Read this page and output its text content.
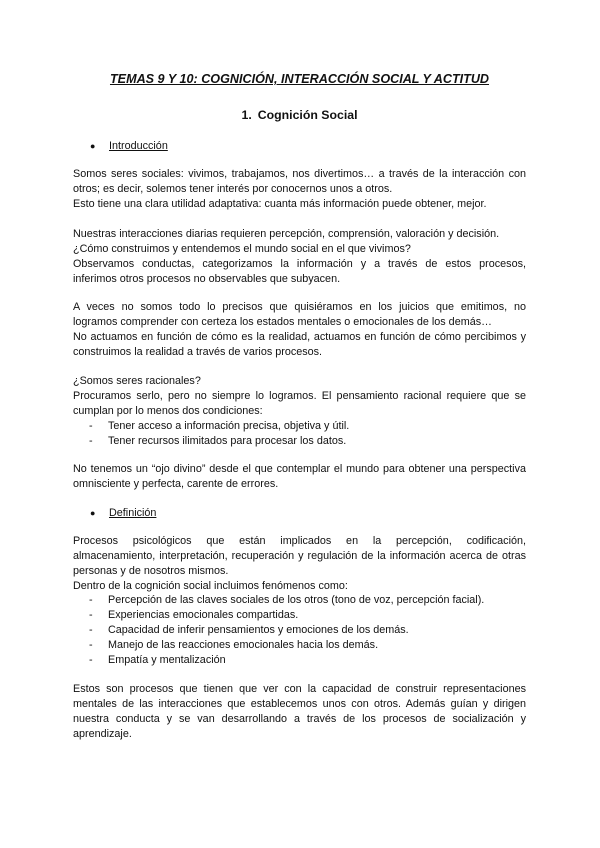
TEMAS 9 Y 10: COGNICIÓN, INTERACCIÓN SOCIAL Y ACTITUD
1. Cognición Social
● Introducción

Somos seres sociales: vivimos, trabajamos, nos divertimos… a través de la interacción con
otros; es decir, solemos tener interés por conocernos unos a otros.
Esto tiene una clara utilidad adaptativa: cuanta más información puede obtener, mejor.

Nuestras interacciones diarias requieren percepción, comprensión, valoración y decisión.
¿Cómo construimos y entendemos el mundo social en el que vivimos?
Observamos conductas, categorizamos la información y a través de estos procesos,
inferimos otros procesos no observables que subyacen.

A veces no somos todo lo precisos que quisiéramos en los juicios que emitimos, no
logramos comprender con certeza los estados mentales o emocionales de los demás…
No actuamos en función de cómo es la realidad, actuamos en función de cómo percibimos y
construimos la realidad a través de varios procesos.

¿Somos seres racionales?
Procuramos serlo, pero no siempre lo logramos. El pensamiento racional requiere que se
cumplan por lo menos dos condiciones:

- Tener acceso a información precisa, objetiva y útil.
- Tener recursos ilimitados para procesar los datos.

No tenemos un “ojo divino” desde el que contemplar el mundo para obtener una perspectiva
omnisciente y perfecta, carente de errores.

● Definición

Procesos psicológicos que están implicados en la percepción, codificación,
almacenamiento, interpretación, recuperación y regulación de la información acerca de otras
personas y de nosotros mismos.
Dentro de la cognición social incluimos fenómenos como:

- Percepción de las claves sociales de los otros (tono de voz, percepción facial).
- Experiencias emocionales compartidas.
- Capacidad de inferir pensamientos y emociones de los demás.
- Manejo de las reacciones emocionales hacia los demás.
- Empatía y mentalización

Estos son procesos que tienen que ver con la capacidad de construir representaciones
mentales de las interacciones que establecemos unos con otros. Además guían y dirigen
nuestra conducta y se van desarrollando a través de los procesos de socialización y
aprendizaje.
